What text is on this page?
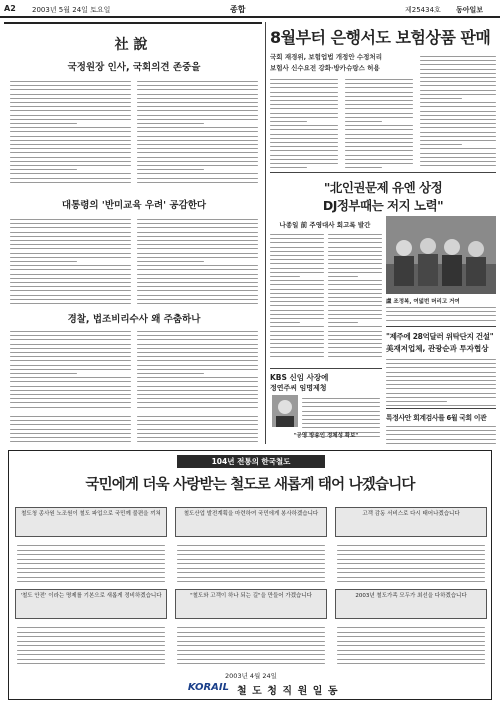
A2 2003년 5월 24일 토요일	종합	제25434호 동아일보
社 說
국정원장 인사, 국회의견 존중을
대통령의 '반미교육 우려' 공감한다
경찰, 법조비리수사 왜 주춤하나
8월부터 은행서도 보험상품 판매
국회 재경위, 보험업법 개정안 수정처리
보험사 신수요전 강화·방카슈랑스 허용
"北인권문제 유엔 상정
DJ정부때는 저지 노력"
나종일 前 주영대사 회고록 발간
盧 조정복, 여덟번 머리고 거여
"제주에 28억달러 위탁단지 건설"
美재저업체, 관광순과 투자협상
KBS 신임 사장에
정연주씨 임명제청
"공영 방송인 정체성 확보"
특정사안 회계검사를 6월 국회 이관
104년 전통의 한국철도
국민에게 더욱 사랑받는 철도로 새롭게 태어 나겠습니다
철도청 종사원 노조원이 철도 파업으로 국민께 불편을 끼쳐	철도산업 발전계획을 마련하여 국민에게 봉사하겠습니다	고객 감동 서비스로 다시 태어나겠습니다
'철도 안전' 이라는 명제를 기본으로 새롭게 정비하겠습니다	"철도와 고객이 하나 되는 길"을 만들어 가겠습니다	2003년 철도가족 모두가 최선을 다하겠습니다
2003년 4월 24일
KORAIL 철 도 청 직 원 일 동
